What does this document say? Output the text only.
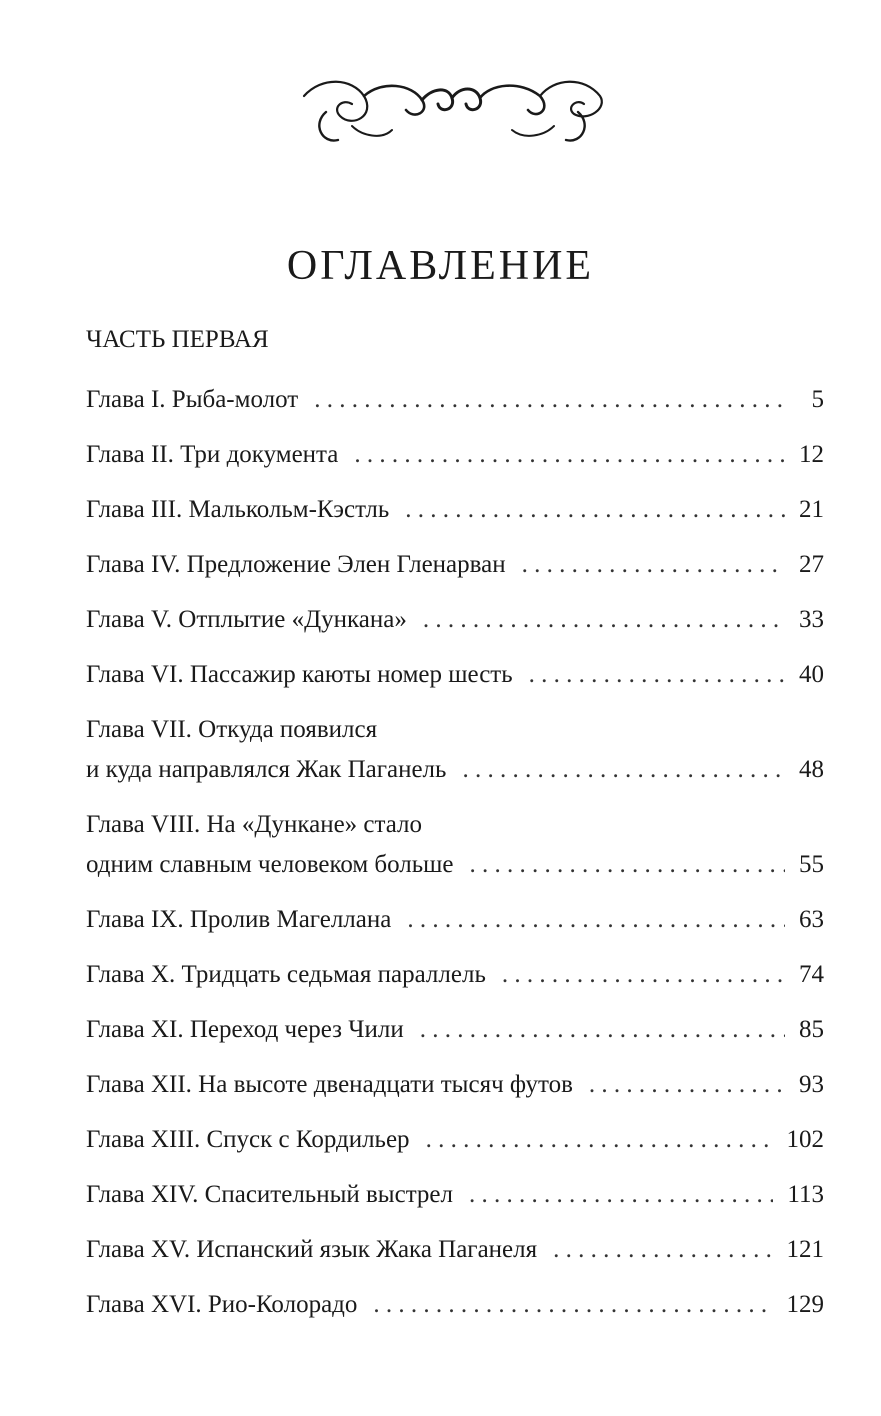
ОГЛАВЛЕНИЕ
ЧАСТЬ ПЕРВАЯ
Глава I. Рыба-молот . . .	5
Глава II. Три документа . . .	12
Глава III. Малькольм-Кэстль . . .	21
Глава IV. Предложение Элен Гленарван . . .	27
Глава V. Отплытие «Дункана» . . .	33
Глава VI. Пассажир каюты номер шесть . . .	40
Глава VII. Откуда появился
и куда направлялся Жак Паганель . . .	48
Глава VIII. На «Дункане» стало
одним славным человеком больше . . .	55
Глава IX. Пролив Магеллана . . .	63
Глава X. Тридцать седьмая параллель . . .	74
Глава XI. Переход через Чили . . .	85
Глава XII. На высоте двенадцати тысяч футов . . .	93
Глава XIII. Спуск с Кордильер . . .	102
Глава XIV. Спасительный выстрел . . .	113
Глава XV. Испанский язык Жака Паганеля . . .	121
Глава XVI. Рио-Колорадо . . .	129
